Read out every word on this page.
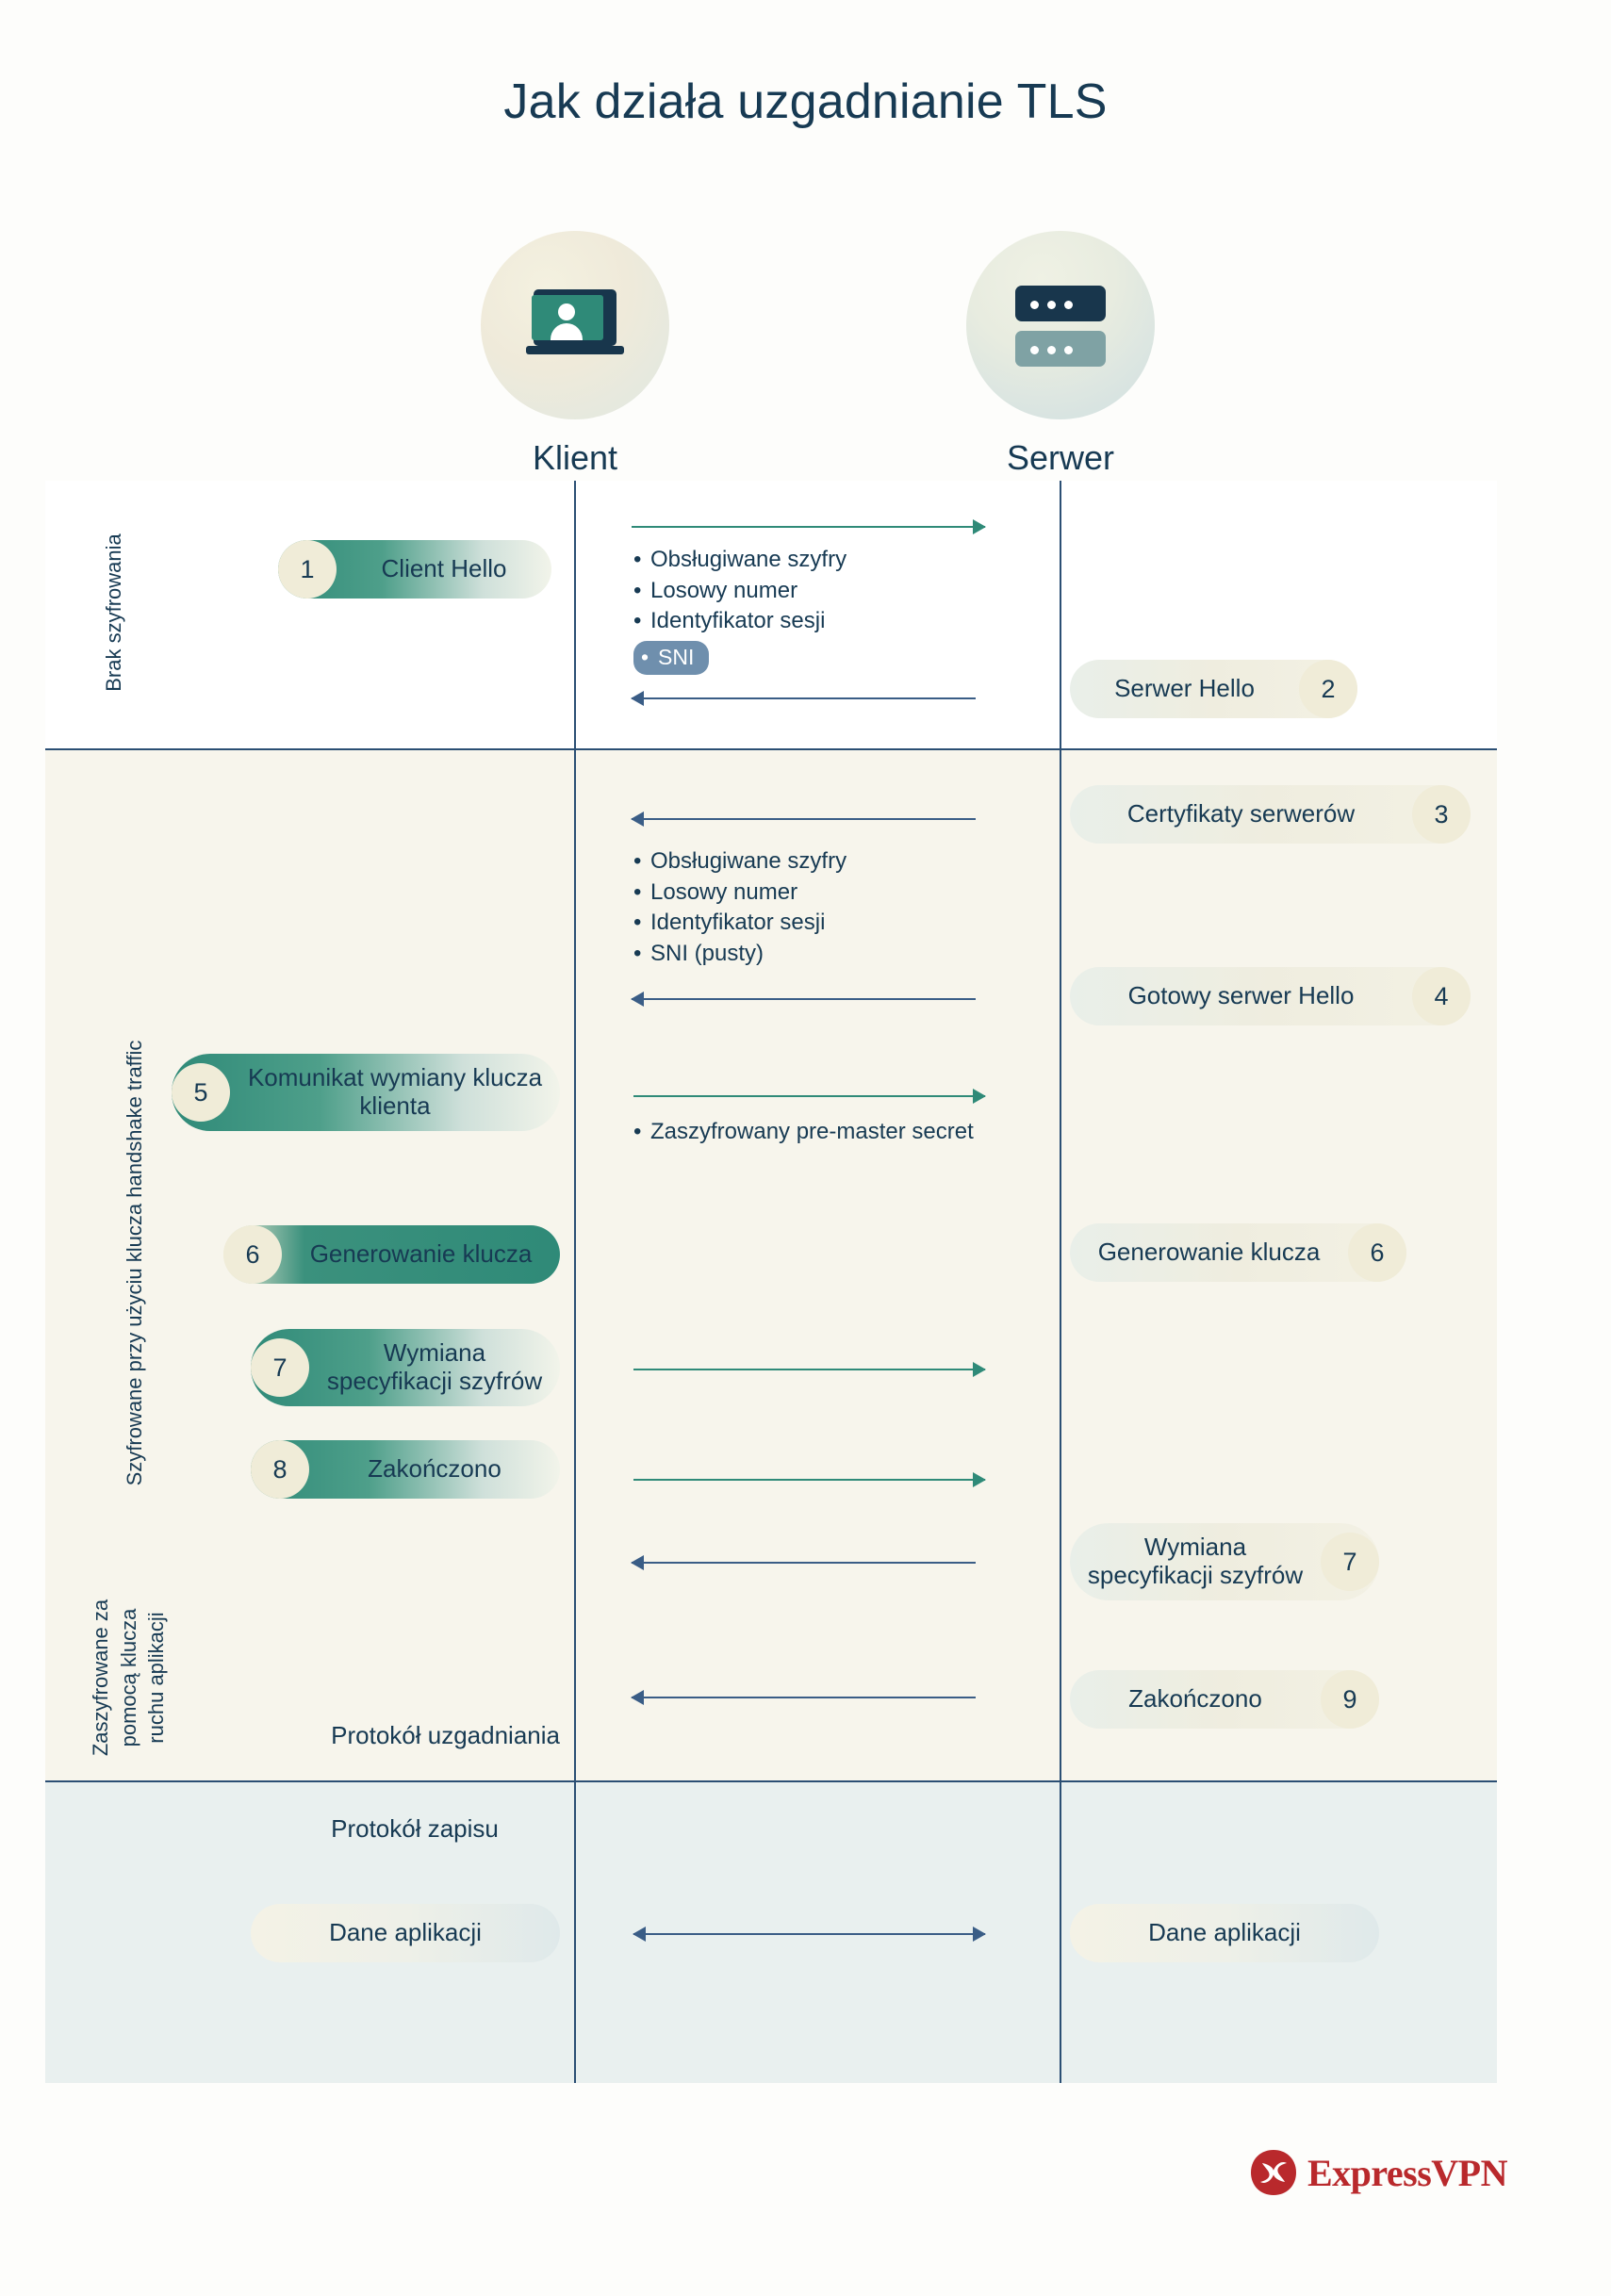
Jak działa uzgadnianie TLS
Klient	Serwer
Brak szyfrowania
Szyfrowane przy użyciu klucza handshake traffic
Zaszyfrowane za pomocą klucza ruchu aplikacji
1	Client Hello	• Obsługiwane szyfry
• Losowy numer
• Identyfikator sesji
• SNI
Serwer Hello	2
Certyfikaty serwerów	3
• Obsługiwane szyfry
• Losowy numer
• Identyfikator sesji
• SNI (pusty)
Gotowy serwer Hello	4
5
Komunikat wymiany klucza klienta
• Zaszyfrowany pre-master secret
6	Generowanie klucza	Generowanie klucza	6
7
Wymiana specyfikacji szyfrów
8	Zakończono
Wymiana specyfikacji szyfrów	7
Zakończono	9
Protokół uzgadniania
Protokół zapisu
Dane aplikacji	Dane aplikacji
ExpressVPN
